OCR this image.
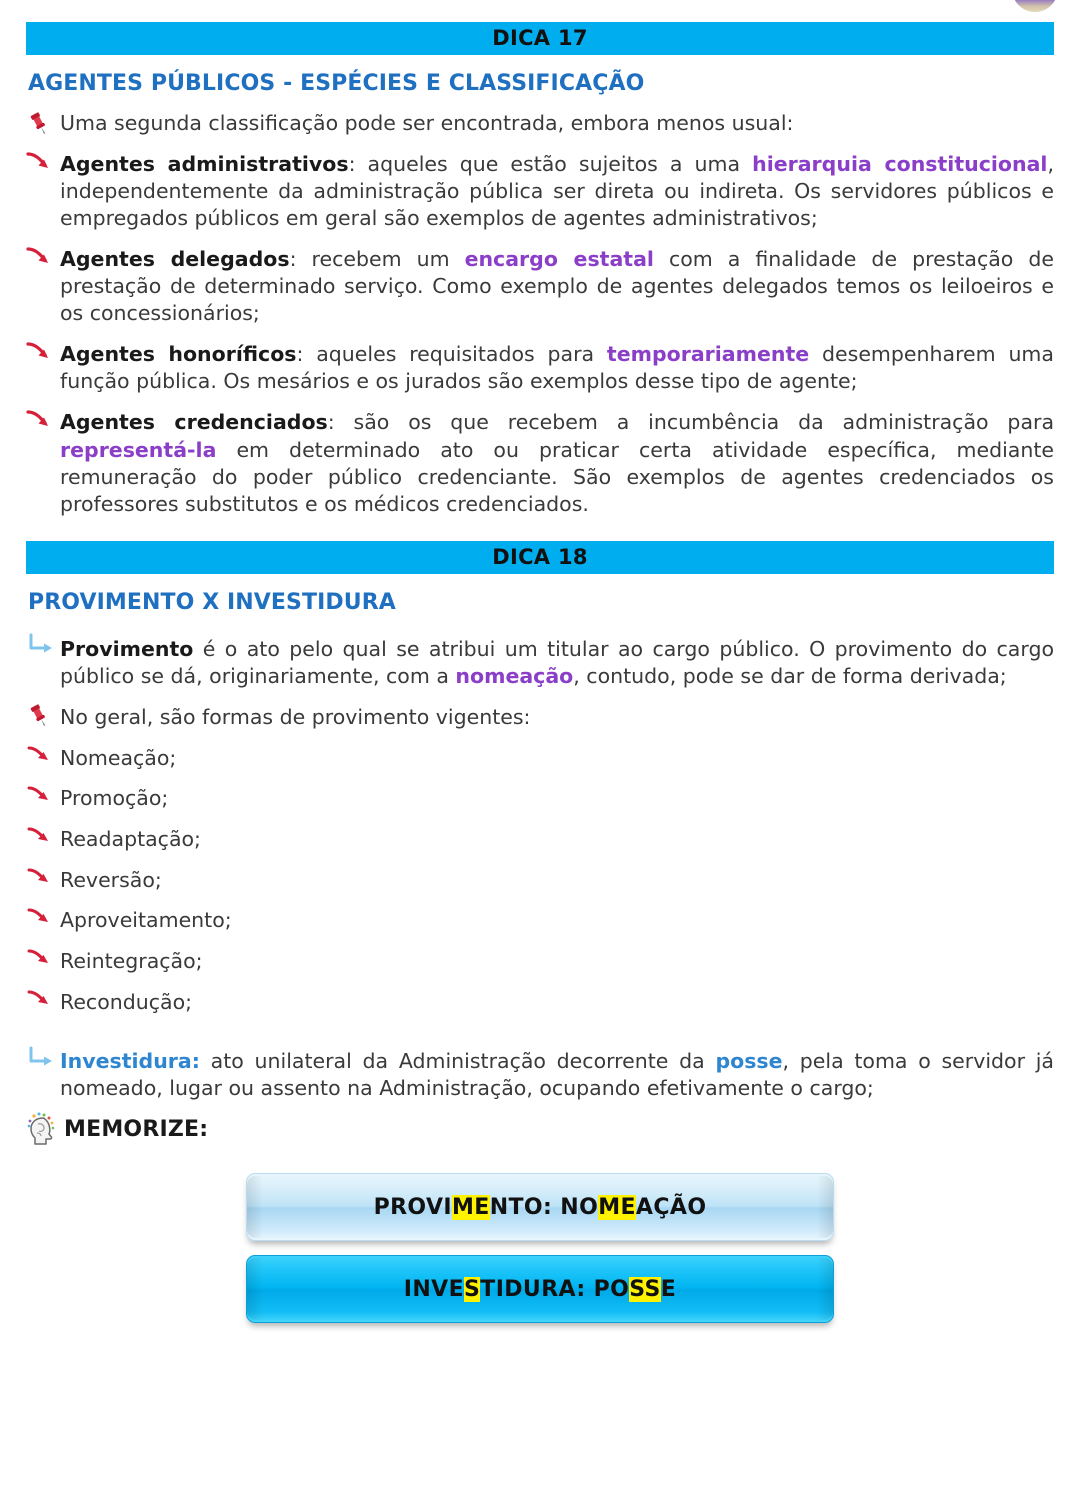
DICA 17
AGENTES PÚBLICOS - ESPÉCIES E CLASSIFICAÇÃO
Uma segunda classificação pode ser encontrada, embora menos usual:
Agentes administrativos: aqueles que estão sujeitos a uma hierarquia constitucional, independentemente da administração pública ser direta ou indireta. Os servidores públicos e empregados públicos em geral são exemplos de agentes administrativos;
Agentes delegados: recebem um encargo estatal com a finalidade de prestação de prestação de determinado serviço. Como exemplo de agentes delegados temos os leiloeiros e os concessionários;
Agentes honoríficos: aqueles requisitados para temporariamente desempenharem uma função pública. Os mesários e os jurados são exemplos desse tipo de agente;
Agentes credenciados: são os que recebem a incumbência da administração para representá-la em determinado ato ou praticar certa atividade específica, mediante remuneração do poder público credenciante. São exemplos de agentes credenciados os professores substitutos e os médicos credenciados.
DICA 18
PROVIMENTO X INVESTIDURA
Provimento é o ato pelo qual se atribui um titular ao cargo público. O provimento do cargo público se dá, originariamente, com a nomeação, contudo, pode se dar de forma derivada;
No geral, são formas de provimento vigentes:
Nomeação;
Promoção;
Readaptação;
Reversão;
Aproveitamento;
Reintegração;
Recondução;
Investidura: ato unilateral da Administração decorrente da posse, pela toma o servidor já nomeado, lugar ou assento na Administração, ocupando efetivamente o cargo;
MEMORIZE:
PROVIMENTO: NOMEAÇÃO
INVESTIDURA: POSSE
